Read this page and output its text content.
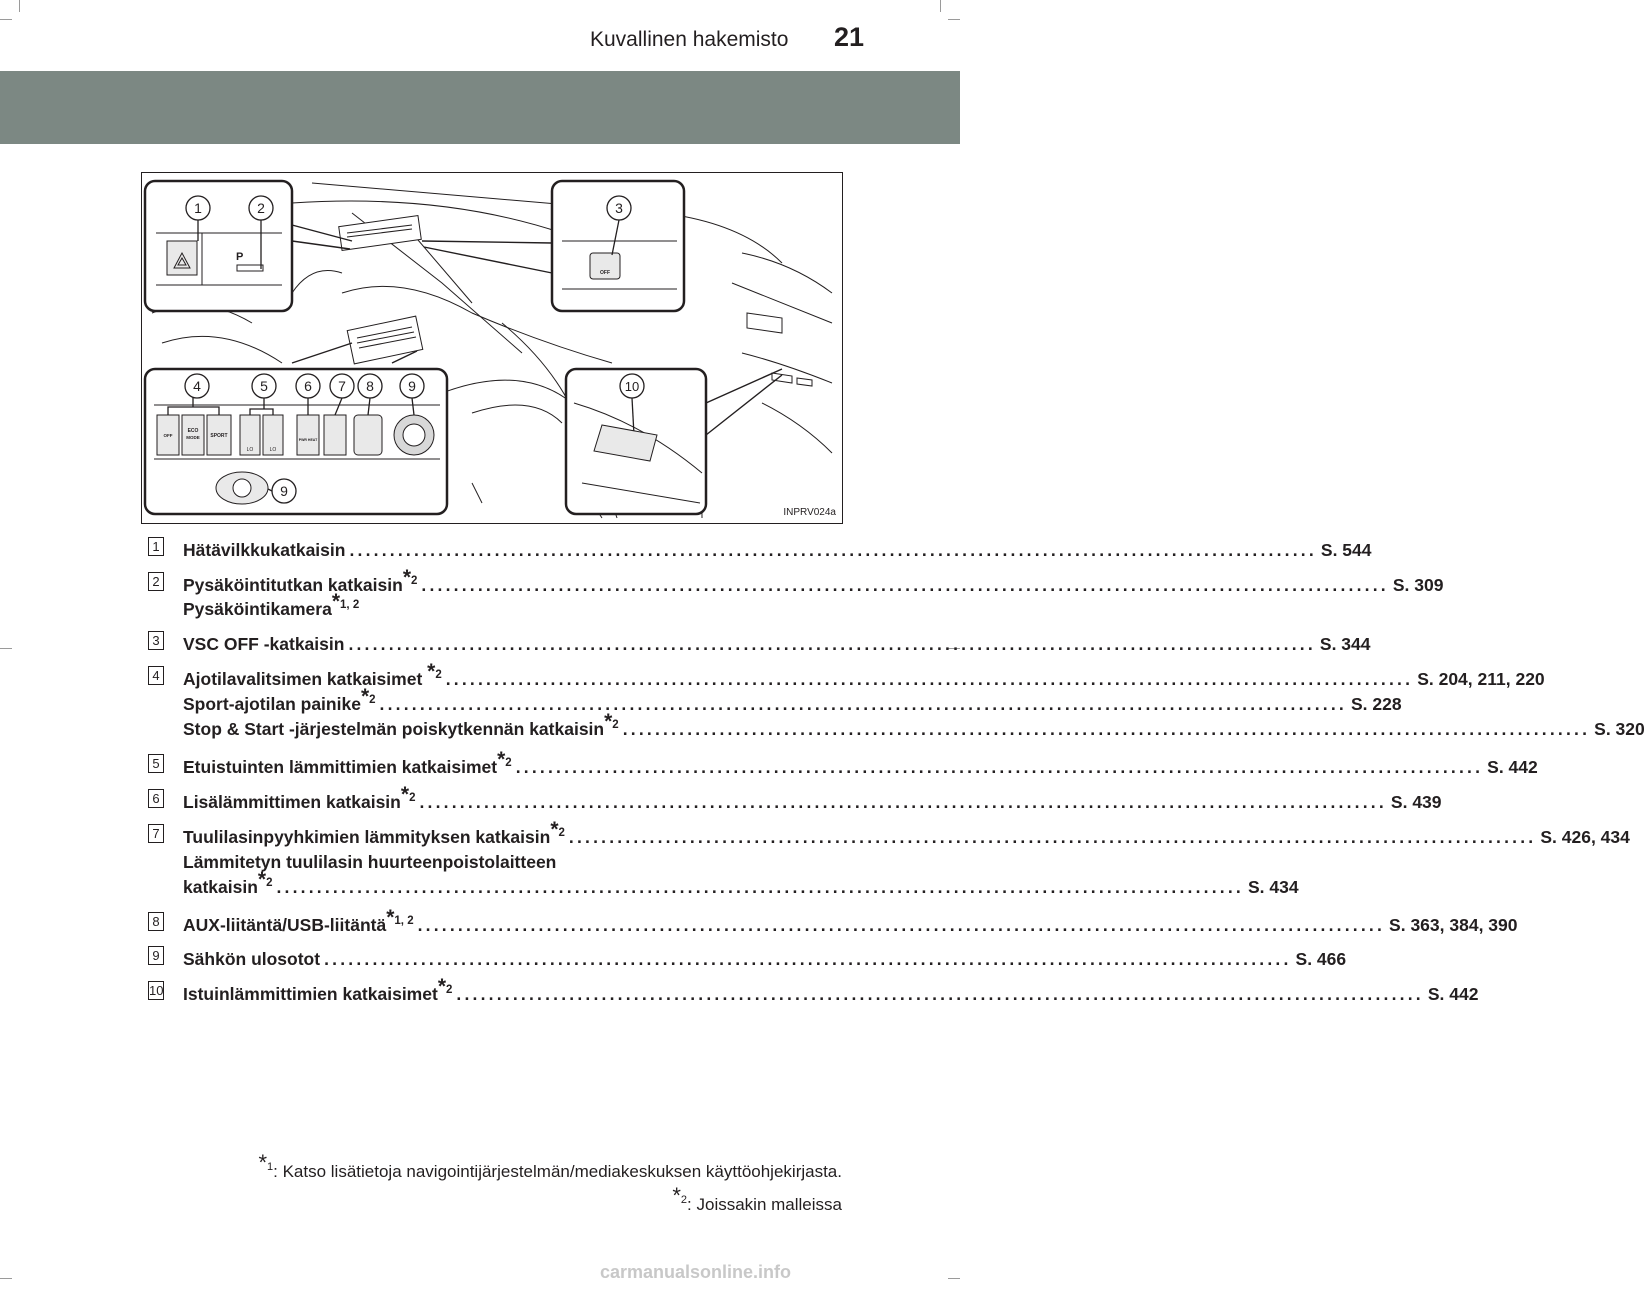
Kuvallinen hakemisto 21
P
1	2	3
OFF
OFF
ECO
MODE SPORT
LO	LO
PWR HEAT
4	5	6 7 8 9
9
10
INPRV024a
1 Hätävilkkukatkaisin ........................................................................................................................ S. 544
2 Pysäköintitutkan katkaisin$^{*2}$ ........................................................................................................................ S. 309
Pysäköintikamera$^{*1, 2}$
3 VSC OFF -katkaisin ........................................................................................................................ S. 344
4 Ajotilavalitsimen katkaisimet $^{*2}$ ........................................................................................................................ S. 204, 211, 220
Sport-ajotilan painike$^{*2}$ ........................................................................................................................ S. 228
Stop & Start -järjestelmän poiskytkennän katkaisin$^{*2}$ ........................................................................................................................ S. 320
5 Etuistuinten lämmittimien katkaisimet$^{*2}$ ........................................................................................................................ S. 442
6 Lisälämmittimen katkaisin$^{*2}$ ........................................................................................................................ S. 439
7 Tuulilasinpyyhkimien lämmityksen katkaisin$^{*2}$ ........................................................................................................................ S. 426, 434
Lämmitetyn tuulilasin huurteenpoistolaitteen
katkaisin$^{*2}$ ........................................................................................................................ S. 434
8 AUX-liitäntä/USB-liitäntä$^{*1, 2}$ ........................................................................................................................ S. 363, 384, 390
9 Sähkön ulosotot ........................................................................................................................ S. 466
10 Istuinlämmittimien katkaisimet$^{*2}$ ........................................................................................................................ S. 442
$^{*1}$: Katso lisätietoja navigointijärjestelmän/mediakeskuksen käyttöohjekirjasta.
$^{*2}$: Joissakin malleissa
carmanualsonline.info
